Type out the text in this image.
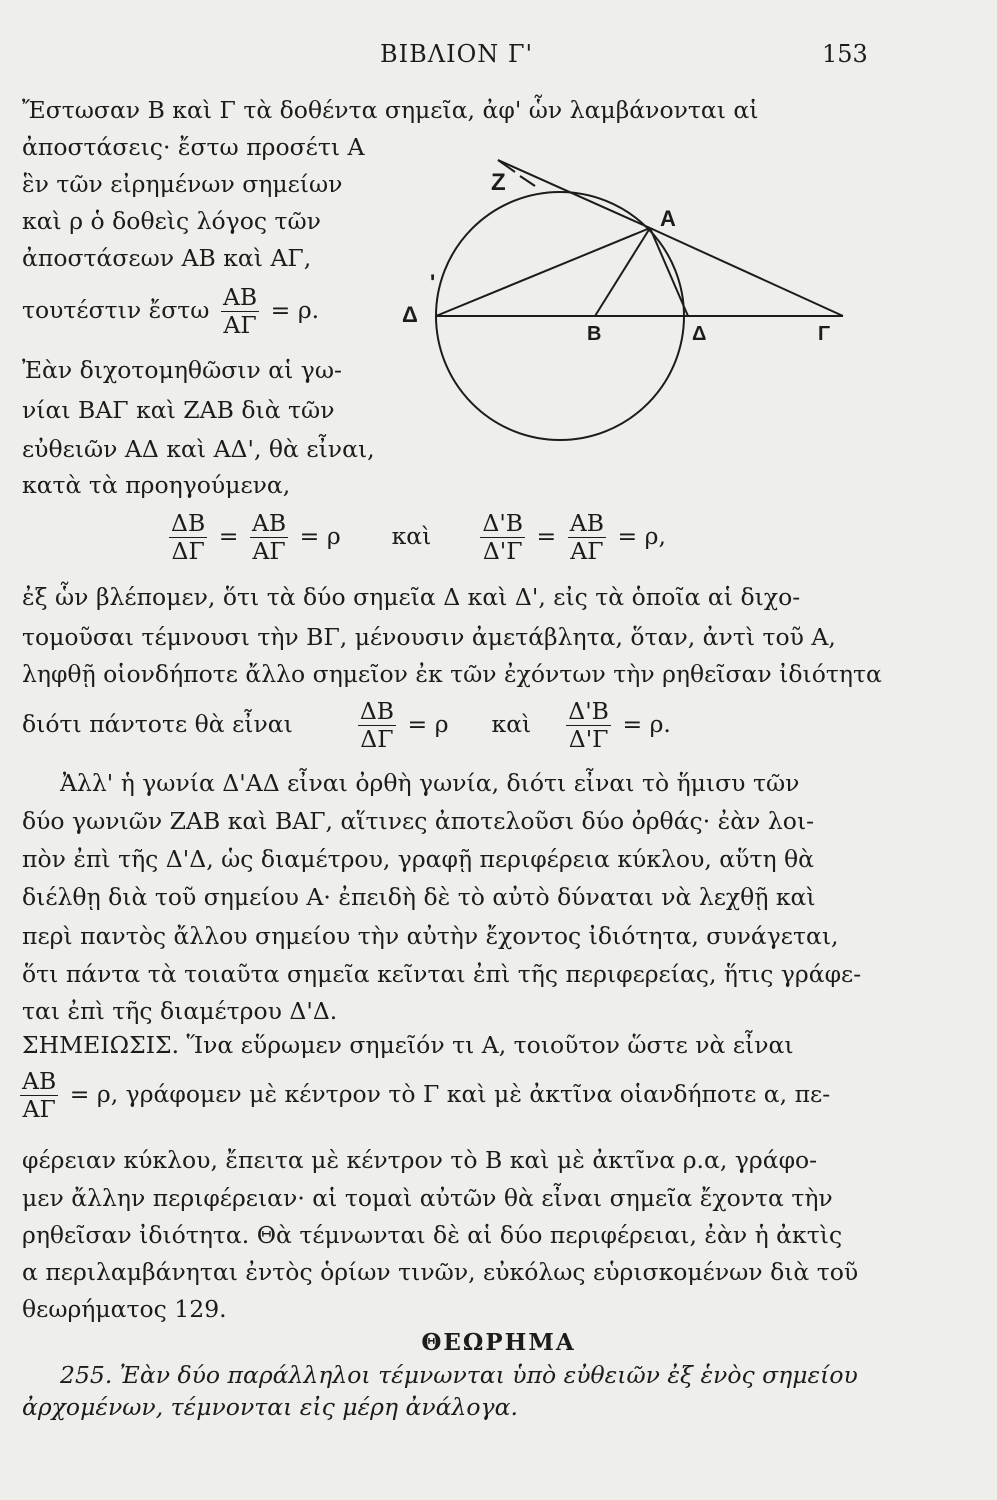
ΒΙΒΛΙΟΝ Γ'	153
Ζ
Α
Δ
'
Β	Δ	Γ
Ἔστωσαν Β καὶ Γ τὰ δοθέντα σημεῖα, ἀφ' ὧν λαμβάνονται αἱ
ἀποστάσεις· ἔστω προσέτι Α
ἓν τῶν εἰρημένων σημείων
καὶ ρ ὁ δοθεὶς λόγος τῶν
ἀποστάσεων ΑΒ καὶ ΑΓ,
τουτέστιν ἔστω $\frac{AB}{A\Gamma} = \rho$.
Ἐὰν διχοτομηθῶσιν αἱ γω-
νίαι ΒΑΓ καὶ ΖΑΒ διὰ τῶν
εὐθειῶν ΑΔ καὶ ΑΔ', θὰ εἶναι,
κατὰ τὰ προηγούμενα,
$\frac{\Delta B}{\Delta\Gamma} = \frac{AB}{A\Gamma} = \rho$ καὶ $\frac{\Delta'B}{\Delta'\Gamma} = \frac{AB}{A\Gamma} = \rho$,
ἐξ ὧν βλέπομεν, ὅτι τὰ δύο σημεῖα Δ καὶ Δ', εἰς τὰ ὁποῖα αἱ διχο-
τομοῦσαι τέμνουσι τὴν ΒΓ, μένουσιν ἀμετάβλητα, ὅταν, ἀντὶ τοῦ Α,
ληφθῇ οἱονδήποτε ἄλλο σημεῖον ἐκ τῶν ἐχόντων τὴν ρηθεῖσαν ἰδιότητα
διότι πάντοτε θὰ εἶναι	$\frac{\Delta B}{\Delta\Gamma} = \rho$ καὶ $\frac{\Delta'B}{\Delta'\Gamma} = \rho$.
Ἀλλ' ἡ γωνία Δ'ΑΔ εἶναι ὀρθὴ γωνία, διότι εἶναι τὸ ἥμισυ τῶν
δύο γωνιῶν ΖΑΒ καὶ ΒΑΓ, αἵτινες ἀποτελοῦσι δύο ὀρθάς· ἐὰν λοι-
πὸν ἐπὶ τῆς Δ'Δ, ὡς διαμέτρου, γραφῇ περιφέρεια κύκλου, αὕτη θὰ
διέλθῃ διὰ τοῦ σημείου Α· ἐπειδὴ δὲ τὸ αὐτὸ δύναται νὰ λεχθῇ καὶ
περὶ παντὸς ἄλλου σημείου τὴν αὐτὴν ἔχοντος ἰδιότητα, συνάγεται,
ὅτι πάντα τὰ τοιαῦτα σημεῖα κεῖνται ἐπὶ τῆς περιφερείας, ἥτις γράφε-
ται ἐπὶ τῆς διαμέτρου Δ'Δ.
ΣΗΜΕΙΩΣΙΣ. Ἵνα εὕρωμεν σημεῖόν τι Α, τοιοῦτον ὥστε νὰ εἶναι
$\frac{AB}{A\Gamma} = \rho$, γράφομεν μὲ κέντρον τὸ Γ καὶ μὲ ἀκτῖνα οἱανδήποτε α, πε-
φέρειαν κύκλου, ἔπειτα μὲ κέντρον τὸ Β καὶ μὲ ἀκτῖνα ρ.α, γράφο-
μεν ἄλλην περιφέρειαν· αἱ τομαὶ αὐτῶν θὰ εἶναι σημεῖα ἔχοντα τὴν
ρηθεῖσαν ἰδιότητα. Θὰ τέμνωνται δὲ αἱ δύο περιφέρειαι, ἐὰν ἡ ἀκτὶς
α περιλαμβάνηται ἐντὸς ὁρίων τινῶν, εὐκόλως εὑρισκομένων διὰ τοῦ
θεωρήματος 129.
ΘΕΩΡΗΜΑ
255. Ἐὰν δύο παράλληλοι τέμνωνται ὑπὸ εὐθειῶν ἐξ ἑνὸς σημείου
ἀρχομένων, τέμνονται εἰς μέρη ἀνάλογα.
